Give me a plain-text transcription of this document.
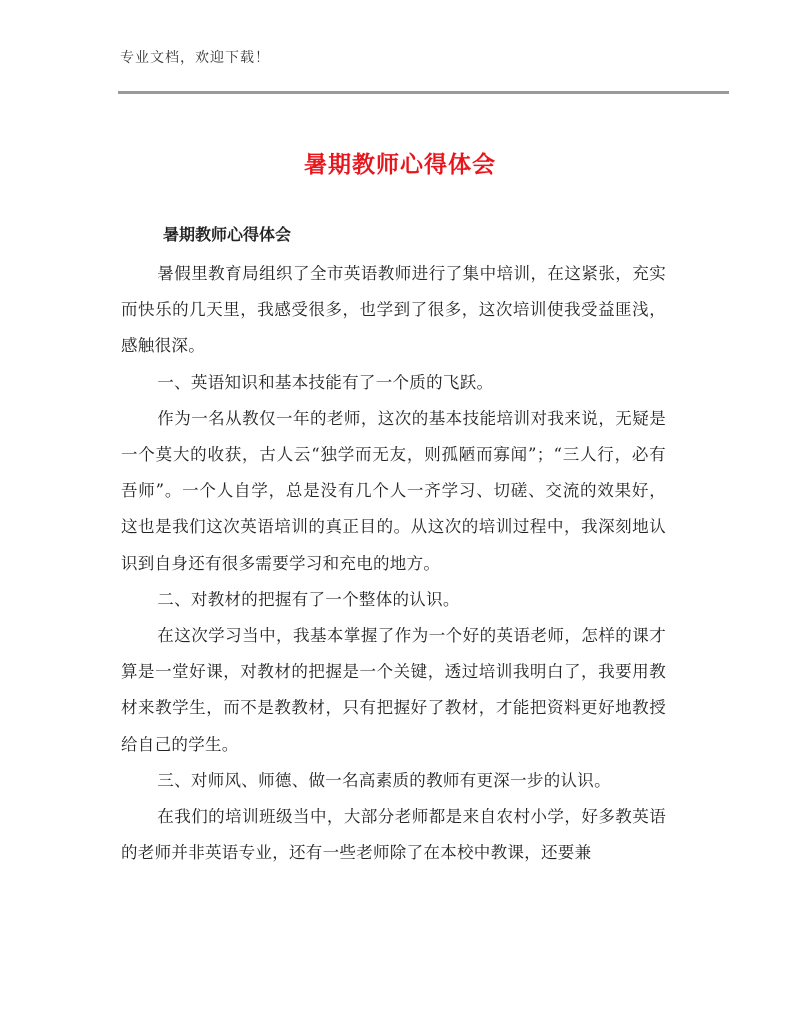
专业文档，欢迎下载！
暑期教师心得体会
暑期教师心得体会

暑假里教育局组织了全市英语教师进行了集中培训，在这紧张，充实而快乐的几天里，我感受很多，也学到了很多，这次培训使我受益匪浅，感触很深。

一、英语知识和基本技能有了一个质的飞跃。

作为一名从教仅一年的老师，这次的基本技能培训对我来说，无疑是一个莫大的收获，古人云“独学而无友，则孤陋而寡闻”；“三人行，必有吾师”。一个人自学，总是没有几个人一齐学习、切磋、交流的效果好，这也是我们这次英语培训的真正目的。从这次的培训过程中，我深刻地认识到自身还有很多需要学习和充电的地方。

二、对教材的把握有了一个整体的认识。

在这次学习当中，我基本掌握了作为一个好的英语老师，怎样的课才算是一堂好课，对教材的把握是一个关键，透过培训我明白了，我要用教材来教学生，而不是教教材，只有把握好了教材，才能把资料更好地教授给自己的学生。

三、对师风、师德、做一名高素质的教师有更深一步的认识。

在我们的培训班级当中，大部分老师都是来自农村小学，好多教英语的老师并非英语专业，还有一些老师除了在本校中教课，还要兼
